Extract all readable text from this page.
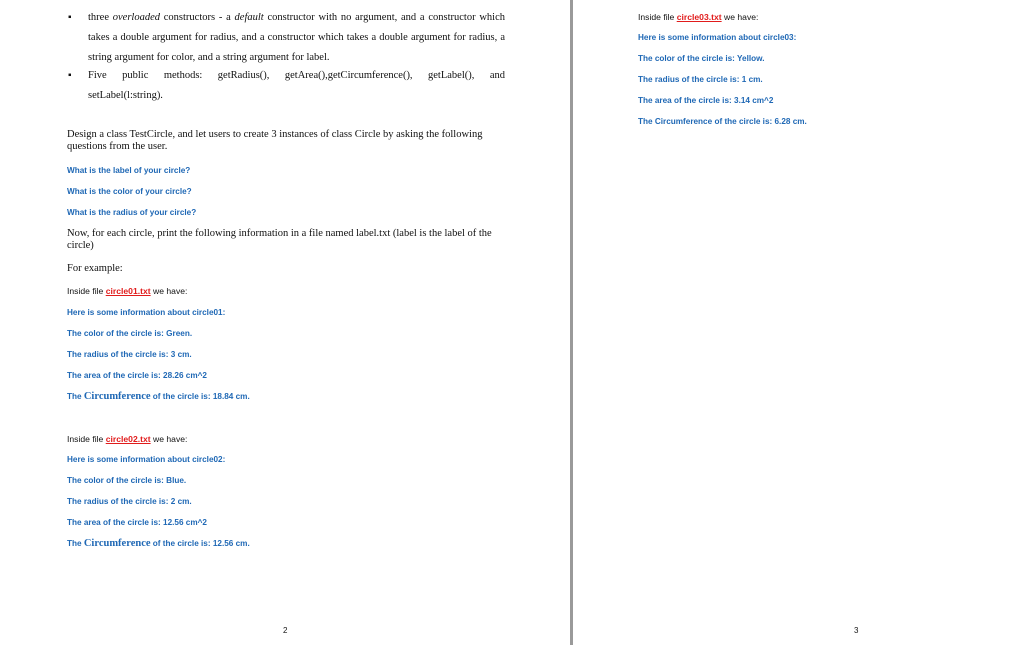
▪ three overloaded constructors - a default constructor with no argument, and a constructor which takes a double argument for radius, and a constructor which takes a double argument for radius, a string argument for color, and a string argument for label.
▪ Five public methods: getRadius(), getArea(),getCircumference(), getLabel(), and
setLabel(l:string).
Design a class TestCircle, and let users to create 3 instances of class Circle by asking the following questions from the user.
What is the label of your circle?
What is the color of your circle?
What is the radius of your circle?
Now, for each circle, print the following information in a file named label.txt (label is the label of the circle)
For example:
Inside file circle01.txt we have:
Here is some information about circle01:
The color of the circle is: Green.
The radius of the circle is: 3 cm.
The area of the circle is: 28.26 cm^2
The Circumference of the circle is: 18.84 cm.
Inside file circle02.txt we have:
Here is some information about circle02:
The color of the circle is: Blue.
The radius of the circle is: 2 cm.
The area of the circle is: 12.56 cm^2
The Circumference of the circle is: 12.56 cm.
2
Inside file circle03.txt we have:
Here is some information about circle03:
The color of the circle is: Yellow.
The radius of the circle is: 1 cm.
The area of the circle is: 3.14 cm^2
The Circumference of the circle is: 6.28 cm.
3
